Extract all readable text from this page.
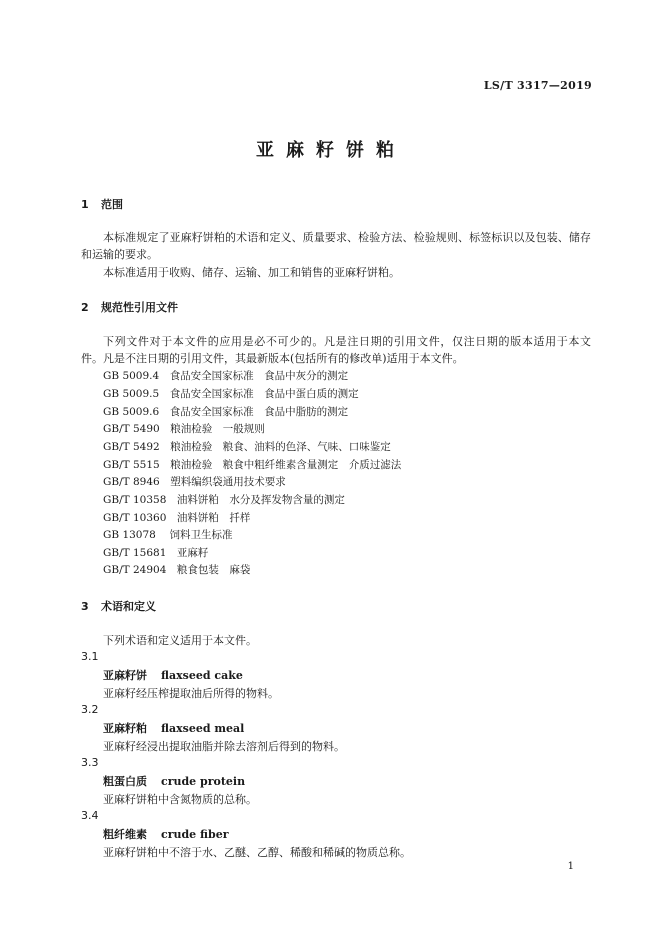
LS/T 3317—2019
亚麻籽饼粕
1 范围
本标准规定了亚麻籽饼粕的术语和定义、质量要求、检验方法、检验规则、标签标识以及包装、储存
和运输的要求。
本标准适用于收购、储存、运输、加工和销售的亚麻籽饼粕。
2 规范性引用文件
下列文件对于本文件的应用是必不可少的。凡是注日期的引用文件，仅注日期的版本适用于本文
件。凡是不注日期的引用文件，其最新版本(包括所有的修改单)适用于本文件。
GB 5009.4　 食品安全国家标准　食品中灰分的测定
GB 5009.5　 食品安全国家标准　食品中蛋白质的测定
GB 5009.6　 食品安全国家标准　食品中脂肪的测定
GB/T 5490　 粮油检验　一般规则
GB/T 5492　 粮油检验　粮食、油料的色泽、气味、口味鉴定
GB/T 5515　 粮油检验　粮食中粗纤维素含量测定　介质过滤法
GB/T 8946　 塑料编织袋通用技术要求
GB/T 10358　 油料饼粕　水分及挥发物含量的测定
GB/T 10360　 油料饼粕　扦样
GB 13078　 饲料卫生标准
GB/T 15681　 亚麻籽
GB/T 24904　 粮食包装　麻袋
3 术语和定义
下列术语和定义适用于本文件。
3.1
亚麻籽饼 flaxseed cake
亚麻籽经压榨提取油后所得的物料。
3.2
亚麻籽粕 flaxseed meal
亚麻籽经浸出提取油脂并除去溶剂后得到的物料。
3.3
粗蛋白质 crude protein
亚麻籽饼粕中含氮物质的总称。
3.4
粗纤维素 crude fiber
亚麻籽饼粕中不溶于水、乙醚、乙醇、稀酸和稀碱的物质总称。
1
